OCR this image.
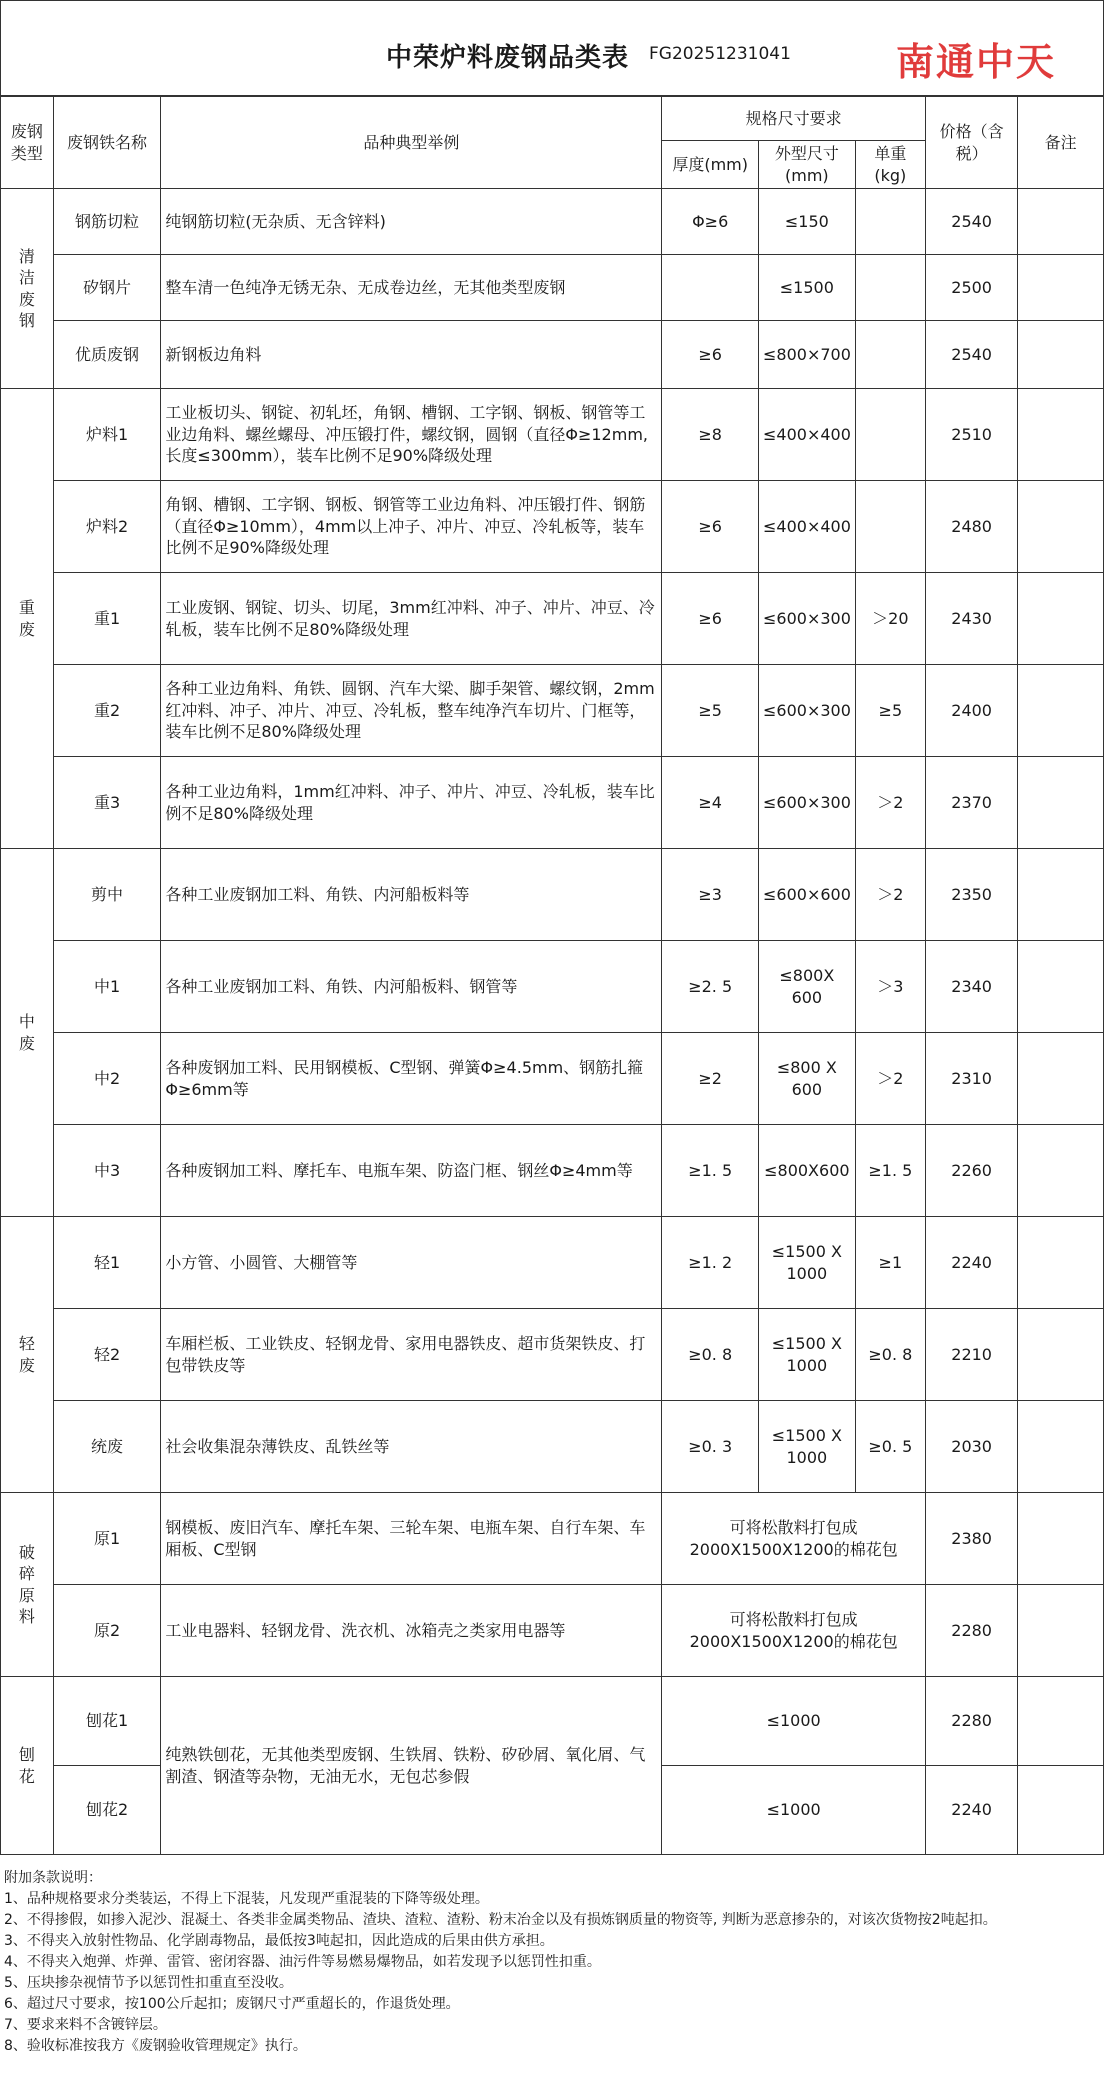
中荣炉料废钢品类表 FG20251231041	南通中天
废钢类型	废钢铁名称	品种典型举例	规格尺寸要求			价格（含税）	备注
			厚度(mm)	外型尺寸(mm)	单重(kg)		
清洁废钢	钢筋切粒	纯钢筋切粒(无杂质、无含锌料)	Φ≥6	≤150		2540	
	矽钢片	整车清一色纯净无锈无杂、无成卷边丝，无其他类型废钢		≤1500		2500	
	优质废钢	新钢板边角料	≥6	≤800×700		2540	
重废	炉料1	工业板切头、钢锭、初轧坯，角钢、槽钢、工字钢、钢板、钢管等工业边角料、螺丝螺母、冲压锻打件，螺纹钢，圆钢（直径Φ≥12mm,长度≤300mm），装车比例不足90%降级处理	≥8	≤400×400		2510	
	炉料2	角钢、槽钢、工字钢、钢板、钢管等工业边角料、冲压锻打件、钢筋（直径Φ≥10mm），4mm以上冲子、冲片、冲豆、冷轧板等，装车比例不足90%降级处理	≥6	≤400×400		2480	
	重1	工业废钢、钢锭、切头、切尾，3mm红冲料、冲子、冲片、冲豆、冷轧板，装车比例不足80%降级处理	≥6	≤600×300	＞20	2430	
	重2	各种工业边角料、角铁、圆钢、汽车大梁、脚手架管、螺纹钢，2mm红冲料、冲子、冲片、冲豆、冷轧板，整车纯净汽车切片、门框等，装车比例不足80%降级处理	≥5	≤600×300	≥5	2400	
	重3	各种工业边角料，1mm红冲料、冲子、冲片、冲豆、冷轧板，装车比例不足80%降级处理	≥4	≤600×300	＞2	2370	
中废	剪中	各种工业废钢加工料、角铁、内河船板料等	≥3	≤600×600	＞2	2350	
	中1	各种工业废钢加工料、角铁、内河船板料、钢管等	≥2. 5	≤800X 600	＞3	2340	
	中2	各种废钢加工料、民用钢模板、C型钢、弹簧Φ≥4.5mm、钢筋扎箍Φ≥6mm等	≥2	≤800 X 600	＞2	2310	
	中3	各种废钢加工料、摩托车、电瓶车架、防盗门框、钢丝Φ≥4mm等	≥1. 5	≤800X600	≥1. 5	2260	
轻废	轻1	小方管、小圆管、大棚管等	≥1. 2	≤1500 X 1000	≥1	2240	
	轻2	车厢栏板、工业铁皮、轻钢龙骨、家用电器铁皮、超市货架铁皮、打包带铁皮等	≥0. 8	≤1500 X 1000	≥0. 8	2210	
	统废	社会收集混杂薄铁皮、乱铁丝等	≥0. 3	≤1500 X 1000	≥0. 5	2030	
破碎原料	原1	钢模板、废旧汽车、摩托车架、三轮车架、电瓶车架、自行车架、车厢板、C型钢	可将松散料打包成2000X1500X1200的棉花包			2380	
	原2	工业电器料、轻钢龙骨、洗衣机、冰箱壳之类家用电器等	可将松散料打包成2000X1500X1200的棉花包			2280	
刨花	刨花1	纯熟铁刨花，无其他类型废钢、生铁屑、铁粉、矽砂屑、氧化屑、气割渣、钢渣等杂物，无油无水，无包芯参假	≤1000			2280	
	刨花2		≤1000			2240	
附加条款说明：
1、品种规格要求分类装运，不得上下混装，凡发现严重混装的下降等级处理。
2、不得掺假，如掺入泥沙、混凝土、各类非金属类物品、渣块、渣粒、渣粉、粉末冶金以及有损炼钢质量的物资等, 判断为恶意掺杂的，对该次货物按2吨起扣。
3、不得夹入放射性物品、化学剧毒物品，最低按3吨起扣，因此造成的后果由供方承担。
4、不得夹入炮弹、炸弹、雷管、密闭容器、油污件等易燃易爆物品，如若发现予以惩罚性扣重。
5、压块掺杂视情节予以惩罚性扣重直至没收。
6、超过尺寸要求，按100公斤起扣；废钢尺寸严重超长的，作退货处理。
7、要求来料不含镀锌层。
8、验收标准按我方《废钢验收管理规定》执行。
